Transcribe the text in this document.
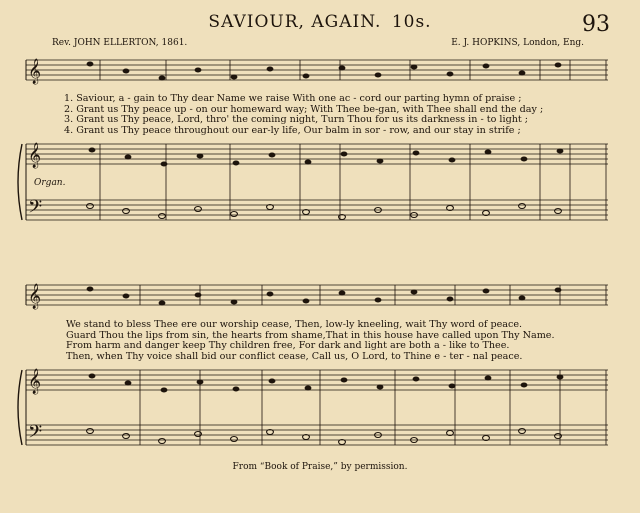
SAVIOUR, AGAIN. 10s.	93
Rev. JOHN ELLERTON, 1861.	E. J. HOPKINS, London, Eng.
𝄞
𝄞
𝄢
𝄞
𝄞
𝄢
1. Saviour, a - gain to Thy dear Name we raise With one ac - cord our parting hymn of praise ;
2. Grant us Thy peace up - on our homeward way; With Thee be-gan, with Thee shall end the day ;
3. Grant us Thy peace, Lord, thro' the coming night, Turn Thou for us its darkness in - to light ;
4. Grant us Thy peace throughout our ear-ly life, Our balm in sor - row, and our stay in strife ;
Organ.
We stand to bless Thee ere our worship cease, Then, low-ly kneeling, wait Thy word of peace.
Guard Thou the lips from sin, the hearts from shame,That in this house have called upon Thy Name.
From harm and danger keep Thy children free, For dark and light are both a - like to Thee.
Then, when Thy voice shall bid our conflict cease, Call us, O Lord, to Thine e - ter - nal peace.
From “Book of Praise,” by permission.
